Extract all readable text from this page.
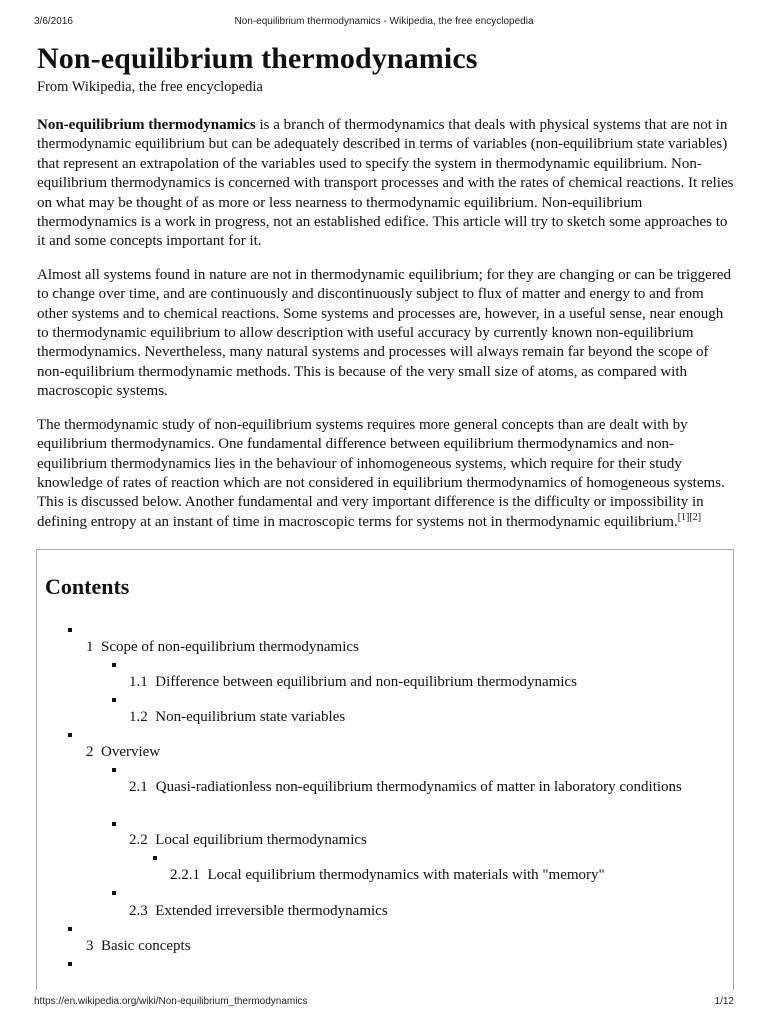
3/6/2016	Non-equilibrium thermodynamics - Wikipedia, the free encyclopedia
Non-equilibrium thermodynamics
From Wikipedia, the free encyclopedia

Non-equilibrium thermodynamics is a branch of thermodynamics that deals with physical systems that are not in thermodynamic equilibrium but can be adequately described in terms of variables (non-equilibrium state variables) that represent an extrapolation of the variables used to specify the system in thermodynamic equilibrium. Non-equilibrium thermodynamics is concerned with transport processes and with the rates of chemical reactions. It relies on what may be thought of as more or less nearness to thermodynamic equilibrium. Non-equilibrium thermodynamics is a work in progress, not an established edifice. This article will try to sketch some approaches to it and some concepts important for it.

Almost all systems found in nature are not in thermodynamic equilibrium; for they are changing or can be triggered to change over time, and are continuously and discontinuously subject to flux of matter and energy to and from other systems and to chemical reactions. Some systems and processes are, however, in a useful sense, near enough to thermodynamic equilibrium to allow description with useful accuracy by currently known non-equilibrium thermodynamics. Nevertheless, many natural systems and processes will always remain far beyond the scope of non-equilibrium thermodynamic methods. This is because of the very small size of atoms, as compared with macroscopic systems.

The thermodynamic study of non-equilibrium systems requires more general concepts than are dealt with by equilibrium thermodynamics. One fundamental difference between equilibrium thermodynamics and non-equilibrium thermodynamics lies in the behaviour of inhomogeneous systems, which require for their study knowledge of rates of reaction which are not considered in equilibrium thermodynamics of homogeneous systems. This is discussed below. Another fundamental and very important difference is the difficulty or impossibility in defining entropy at an instant of time in macroscopic terms for systems not in thermodynamic equilibrium.[1][2]

Contents
1 Scope of non-equilibrium thermodynamics
1.1 Difference between equilibrium and non-equilibrium thermodynamics
1.2 Non-equilibrium state variables
2 Overview
2.1	Quasi-radiationless non-equilibrium thermodynamics of matter in laboratory conditions
2.2 Local equilibrium thermodynamics
2.2.1 Local equilibrium thermodynamics with materials with "memory"
2.3 Extended irreversible thermodynamics
3 Basic concepts
https://en.wikipedia.org/wiki/Non-equilibrium_thermodynamics	1/12
